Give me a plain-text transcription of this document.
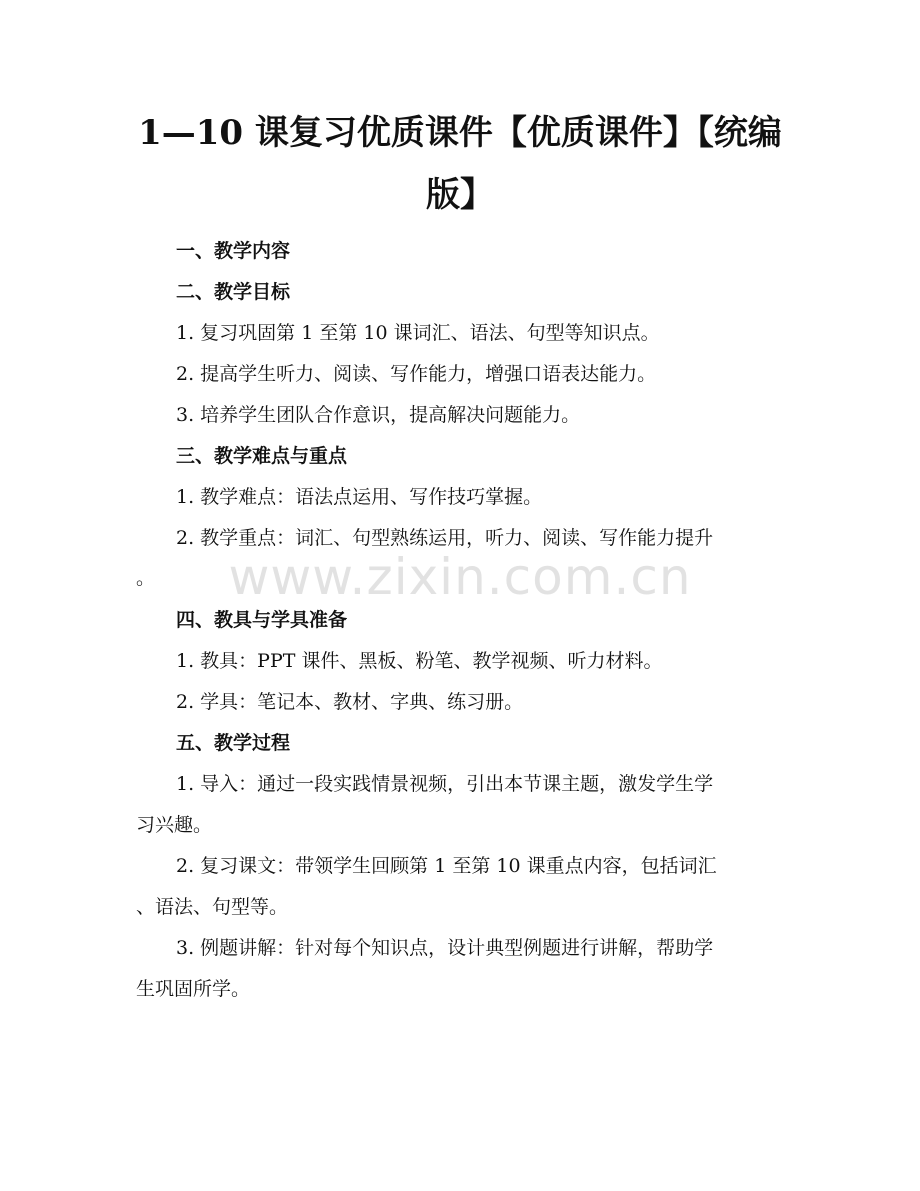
1—10 课复习优质课件【优质课件】【统编
版】
一、教学内容
二、教学目标
1. 复习巩固第 1 至第 10 课词汇、语法、句型等知识点。
2. 提高学生听力、阅读、写作能力，增强口语表达能力。
3. 培养学生团队合作意识，提高解决问题能力。
三、教学难点与重点
1. 教学难点：语法点运用、写作技巧掌握。
2. 教学重点：词汇、句型熟练运用，听力、阅读、写作能力提升
。
四、教具与学具准备
1. 教具：PPT 课件、黑板、粉笔、教学视频、听力材料。
2. 学具：笔记本、教材、字典、练习册。
五、教学过程
1. 导入：通过一段实践情景视频，引出本节课主题，激发学生学
习兴趣。
2. 复习课文：带领学生回顾第 1 至第 10 课重点内容，包括词汇
、语法、句型等。
3. 例题讲解：针对每个知识点，设计典型例题进行讲解，帮助学
生巩固所学。
www.zixin.com.cn
